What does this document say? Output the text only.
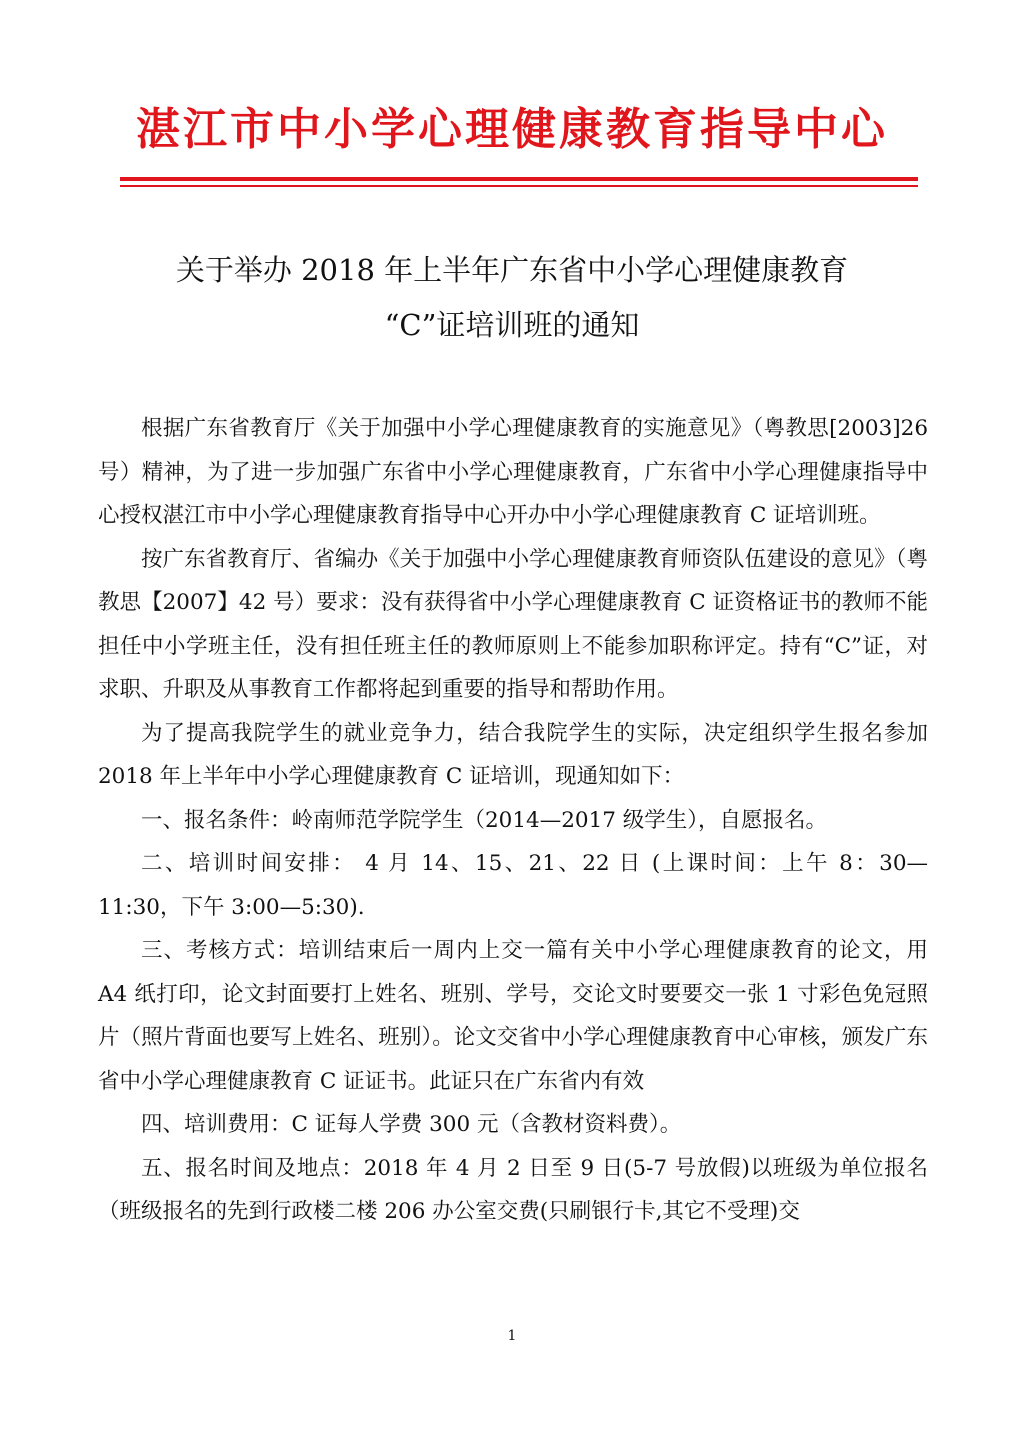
湛江市中小学心理健康教育指导中心
关于举办 2018 年上半年广东省中小学心理健康教育
“C”证培训班的通知

根据广东省教育厅《关于加强中小学心理健康教育的实施意见》（粤教思[2003]26 号）精神，为了进一步加强广东省中小学心理健康教育，广东省中小学心理健康指导中心授权湛江市中小学心理健康教育指导中心开办中小学心理健康教育 C 证培训班。

按广东省教育厅、省编办《关于加强中小学心理健康教育师资队伍建设的意见》（粤教思【2007】42 号）要求：没有获得省中小学心理健康教育 C 证资格证书的教师不能担任中小学班主任，没有担任班主任的教师原则上不能参加职称评定。持有“C”证，对求职、升职及从事教育工作都将起到重要的指导和帮助作用。

为了提高我院学生的就业竞争力，结合我院学生的实际，决定组织学生报名参加 2018 年上半年中小学心理健康教育 C 证培训，现通知如下：

一、报名条件：岭南师范学院学生（2014—2017 级学生），自愿报名。

二、培训时间安排： 4 月 14、15、21、22 日 (上课时间：上午 8：30—11:30，下午 3:00—5:30).

三、考核方式：培训结束后一周内上交一篇有关中小学心理健康教育的论文，用 A4 纸打印，论文封面要打上姓名、班别、学号，交论文时要要交一张 1 寸彩色免冠照片（照片背面也要写上姓名、班别）。论文交省中小学心理健康教育中心审核，颁发广东省中小学心理健康教育 C 证证书。此证只在广东省内有效

四、培训费用：C 证每人学费 300 元（含教材资料费）。

五、报名时间及地点：2018 年 4 月 2 日至 9 日(5-7 号放假)以班级为单位报名（班级报名的先到行政楼二楼 206 办公室交费(只刷银行卡,其它不受理)交

1
